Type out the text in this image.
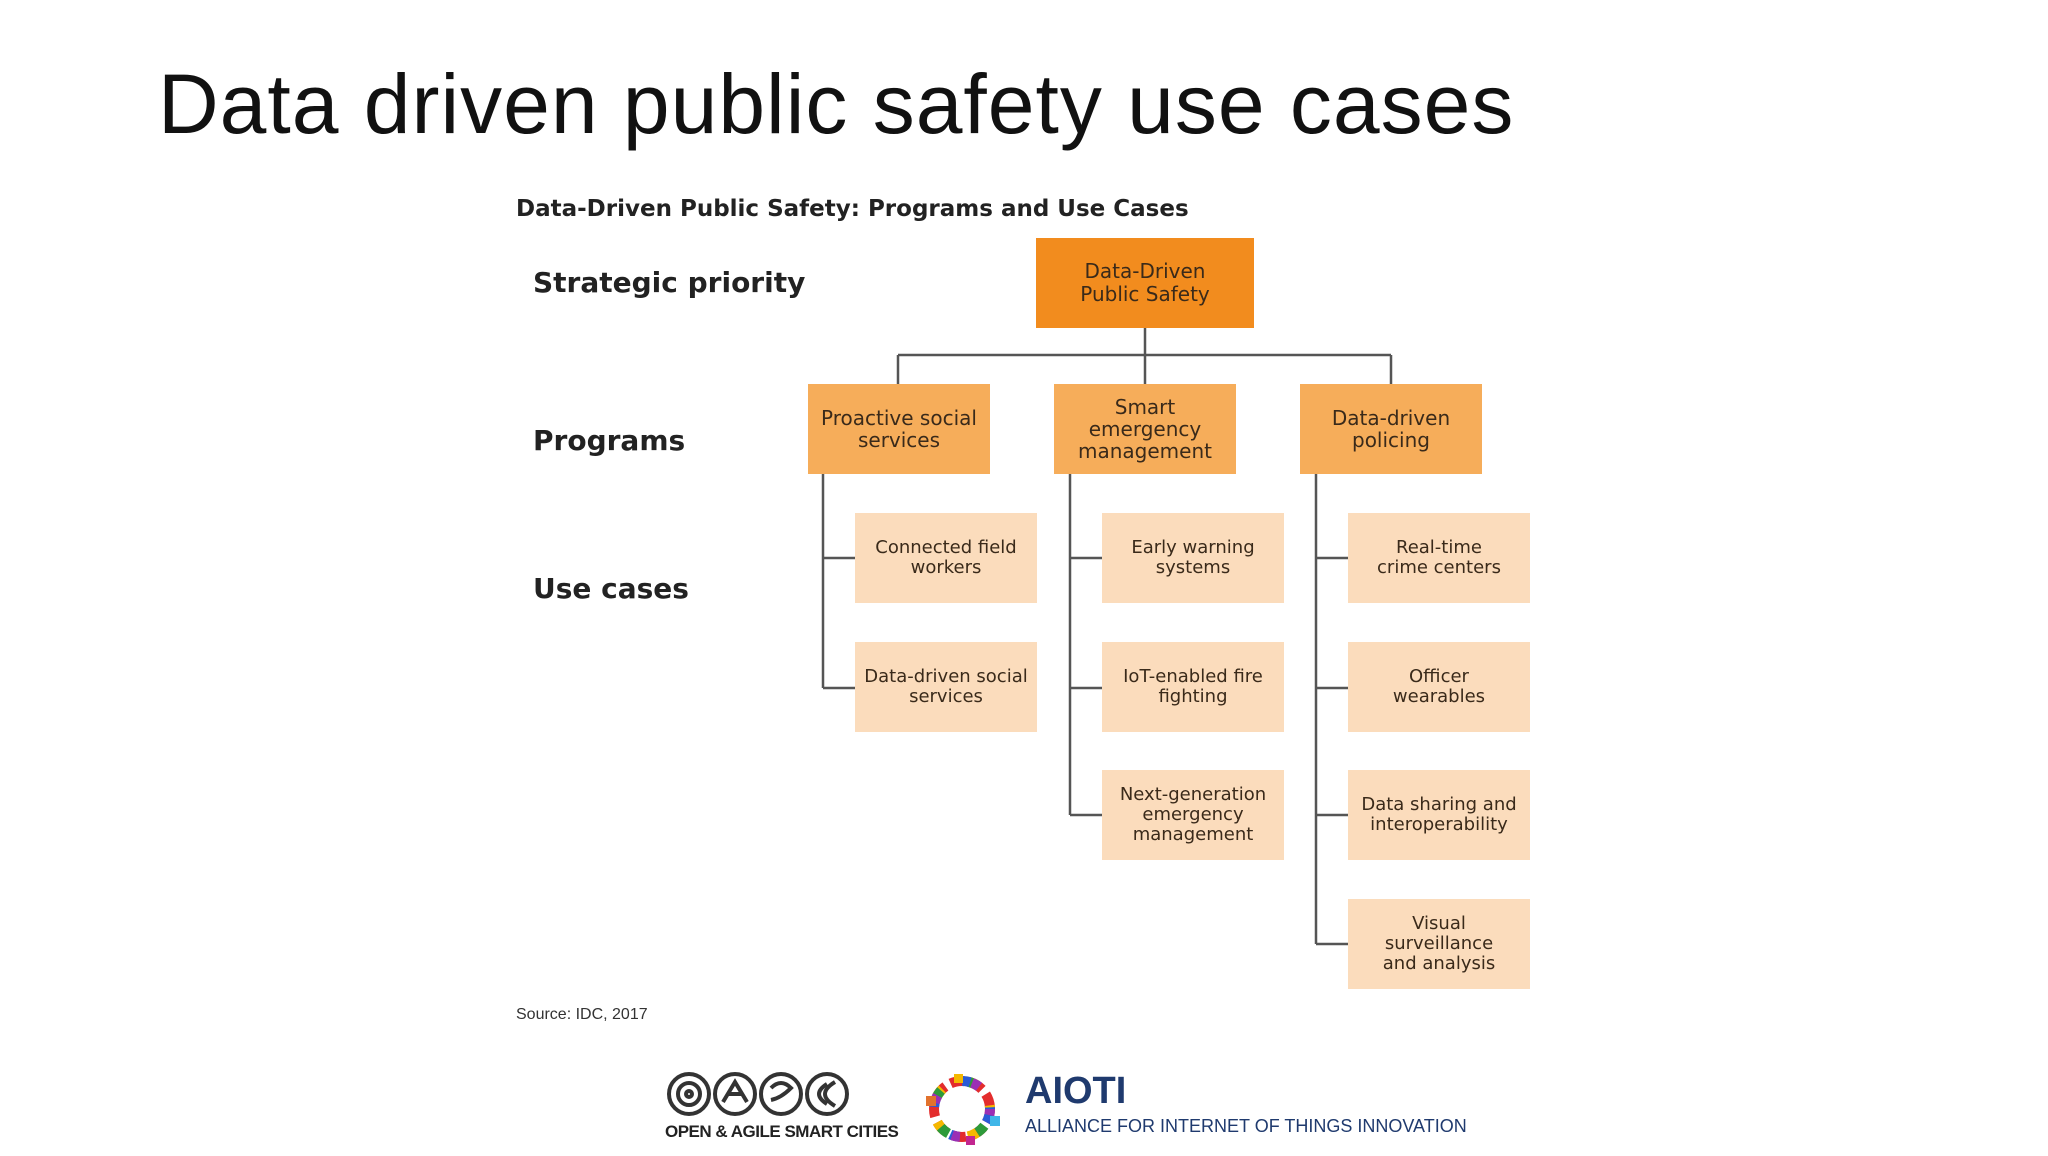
Data driven public safety use cases
Data-Driven Public Safety: Programs and Use Cases
Strategic priority
Programs
Use cases
Data-Driven
Public Safety
Proactive social
services
Smart emergency
management
Data-driven
policing
Connected field
workers
Data-driven social
services
Early warning
systems
IoT-enabled fire
fighting
Next-generation
emergency
management
Real-time
crime centers
Officer
wearables
Data sharing and
interoperability
Visual surveillance
and analysis
Source: IDC, 2017
OPEN & AGILE SMART CITIES
AIOTI
ALLIANCE FOR INTERNET OF THINGS INNOVATION
